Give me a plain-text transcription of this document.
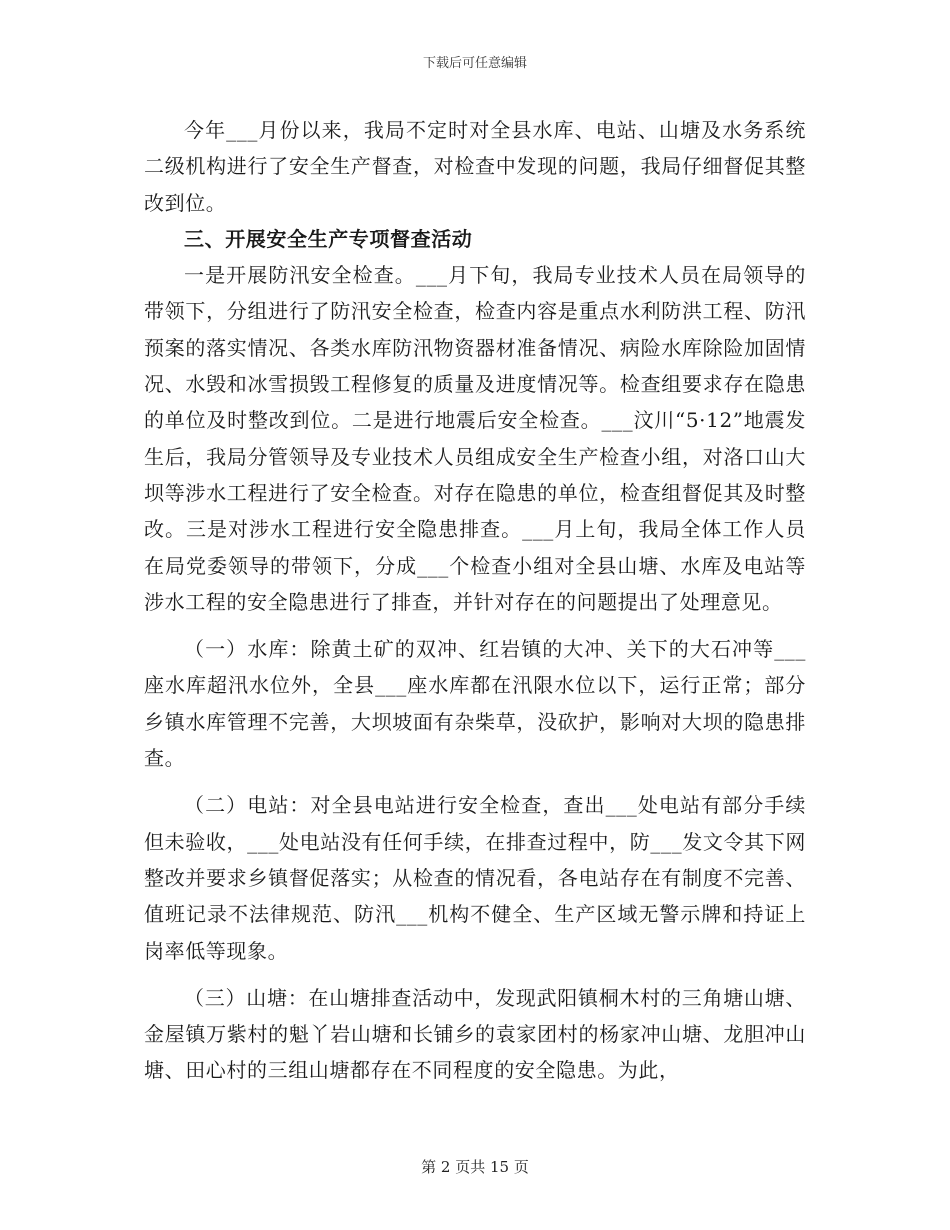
下载后可任意编辑

今年___月份以来，我局不定时对全县水库、电站、山塘及水务系统二级机构进行了安全生产督查，对检查中发现的问题，我局仔细督促其整改到位。

三、开展安全生产专项督查活动

一是开展防汛安全检查。___月下旬，我局专业技术人员在局领导的带领下，分组进行了防汛安全检查，检查内容是重点水利防洪工程、防汛预案的落实情况、各类水库防汛物资器材准备情况、病险水库除险加固情况、水毁和冰雪损毁工程修复的质量及进度情况等。检查组要求存在隐患的单位及时整改到位。二是进行地震后安全检查。___汶川“5·12”地震发生后，我局分管领导及专业技术人员组成安全生产检查小组，对洛口山大坝等涉水工程进行了安全检查。对存在隐患的单位，检查组督促其及时整改。三是对涉水工程进行安全隐患排查。___月上旬，我局全体工作人员在局党委领导的带领下，分成___个检查小组对全县山塘、水库及电站等涉水工程的安全隐患进行了排查，并针对存在的问题提出了处理意见。

（一）水库：除黄土矿的双冲、红岩镇的大冲、关下的大石冲等___座水库超汛水位外，全县___座水库都在汛限水位以下，运行正常；部分乡镇水库管理不完善，大坝坡面有杂柴草，没砍护，影响对大坝的隐患排查。

（二）电站：对全县电站进行安全检查，查出___处电站有部分手续但未验收，___处电站没有任何手续，在排查过程中，防___发文令其下网整改并要求乡镇督促落实；从检查的情况看，各电站存在有制度不完善、值班记录不法律规范、防汛___机构不健全、生产区域无警示牌和持证上岗率低等现象。

（三）山塘：在山塘排查活动中，发现武阳镇桐木村的三角塘山塘、金屋镇万紫村的魁丫岩山塘和长铺乡的袁家团村的杨家冲山塘、龙胆冲山塘、田心村的三组山塘都存在不同程度的安全隐患。为此，

第 2 页共 15 页
